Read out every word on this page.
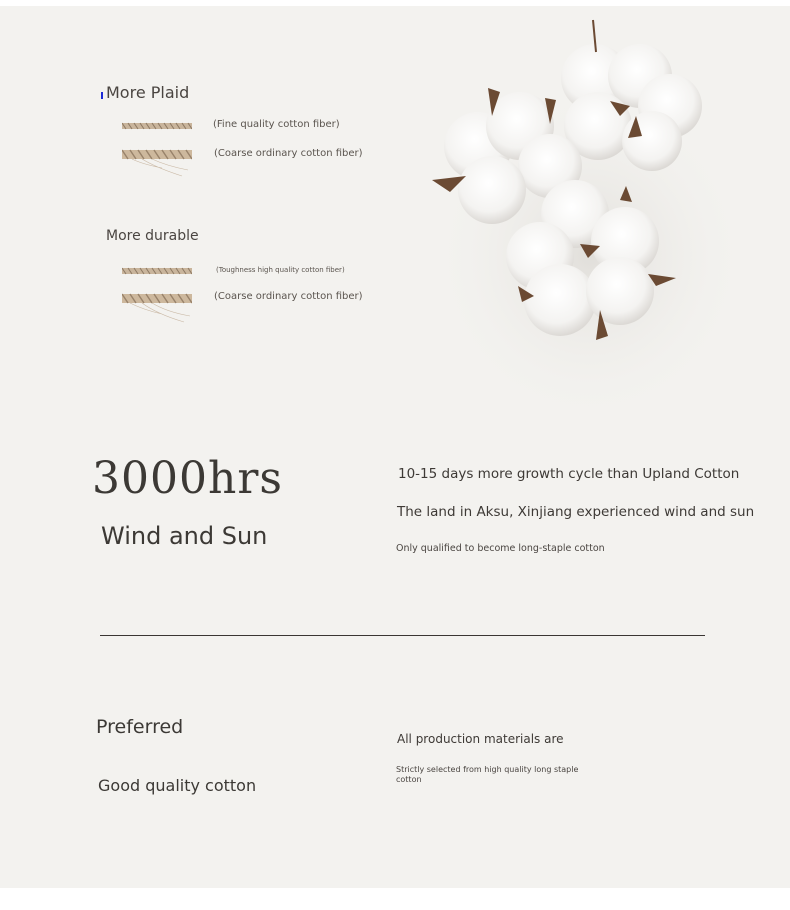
More Plaid
(Fine quality cotton fiber)
(Coarse ordinary cotton fiber)
More durable
(Toughness high quality cotton fiber)
(Coarse ordinary cotton fiber)
3000hrs
Wind and Sun
10-15 days more growth cycle than Upland Cotton
The land in Aksu, Xinjiang experienced wind and sun
Only qualified to become long-staple cotton
Preferred
Good quality cotton
All production materials are
Strictly selected from high quality long staple cotton
